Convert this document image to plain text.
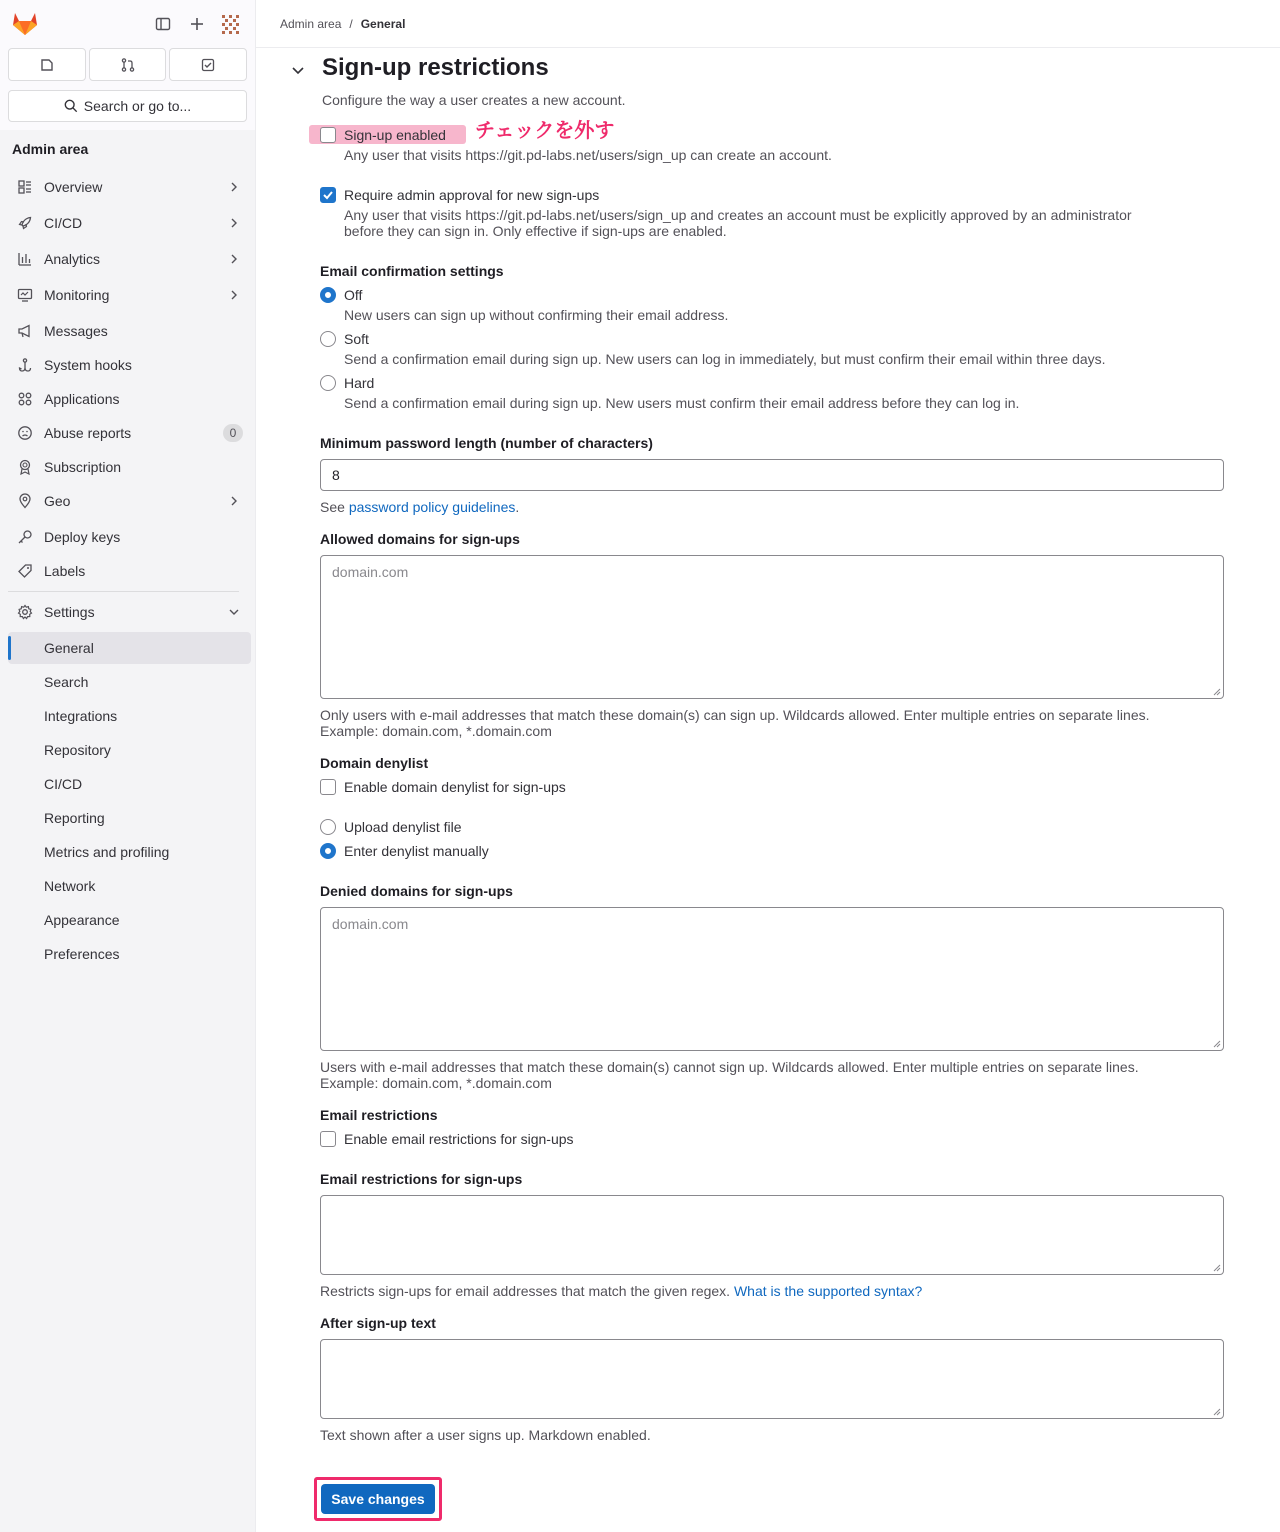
Search or go to...
Admin area
Overview
CI/CD
Analytics
Monitoring
Messages
System hooks
Applications
Abuse reports	0
Subscription
Geo
Deploy keys
Labels
Settings
General
Search
Integrations
Repository
CI/CD
Reporting
Metrics and profiling
Network
Appearance
Preferences
Admin area / General
Sign-up restrictions
Configure the way a user creates a new account.
Sign-up enabled チェックを外す
Any user that visits https://git.pd-labs.net/users/sign_up can create an account.
Require admin approval for new sign-ups
Any user that visits https://git.pd-labs.net/users/sign_up and creates an account must be explicitly approved by an administrator
before they can sign in. Only effective if sign-ups are enabled.
Email confirmation settings
Off
New users can sign up without confirming their email address.
Soft
Send a confirmation email during sign up. New users can log in immediately, but must confirm their email within three days.
Hard
Send a confirmation email during sign up. New users must confirm their email address before they can log in.
Minimum password length (number of characters)
8
See password policy guidelines.
Allowed domains for sign-ups
domain.com
Only users with e-mail addresses that match these domain(s) can sign up. Wildcards allowed. Enter multiple entries on separate lines.
Example: domain.com, *.domain.com
Domain denylist
Enable domain denylist for sign-ups
Upload denylist file
Enter denylist manually
Denied domains for sign-ups
domain.com
Users with e-mail addresses that match these domain(s) cannot sign up. Wildcards allowed. Enter multiple entries on separate lines.
Example: domain.com, *.domain.com
Email restrictions
Enable email restrictions for sign-ups
Email restrictions for sign-ups
Restricts sign-ups for email addresses that match the given regex. What is the supported syntax?
After sign-up text
Text shown after a user signs up. Markdown enabled.
Save changes
